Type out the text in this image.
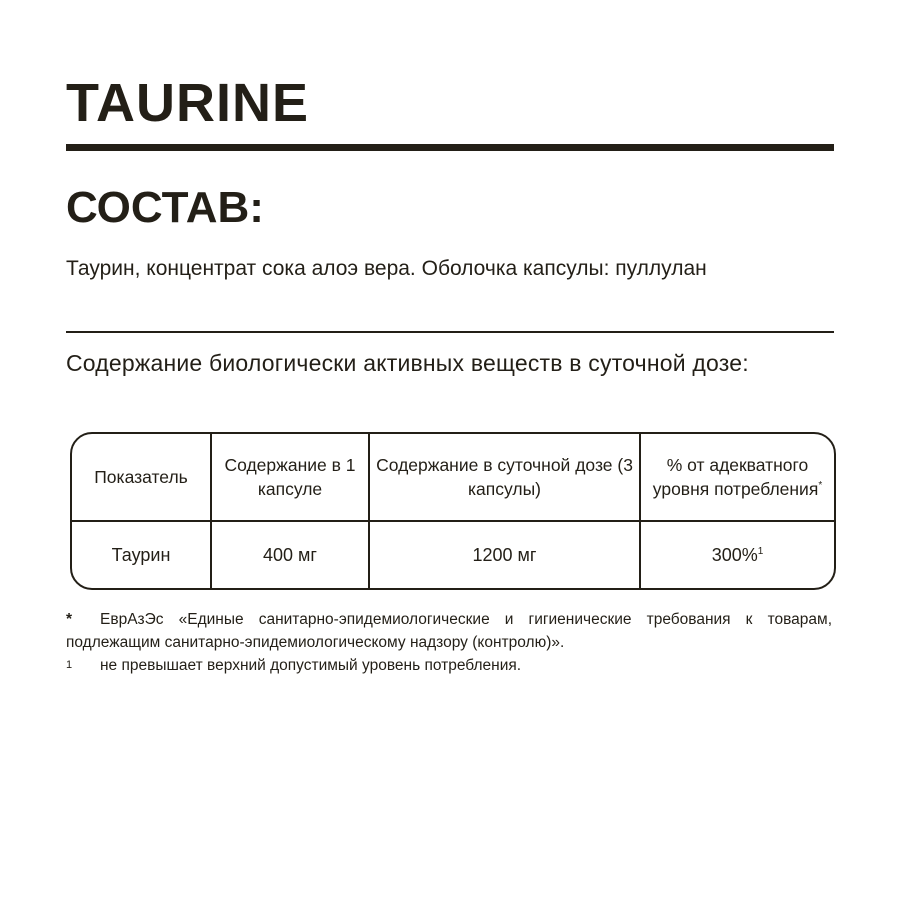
TAURINE
СОСТАВ:
Таурин, концентрат сока алоэ вера. Оболочка капсулы: пуллулан
Содержание биологически активных веществ в суточной дозе:
Показатель	Содержание в 1 капсуле	Содержание в суточной дозе (3 капсулы)	% от адекватного уровня потребления*
Таурин	400 мг	1200 мг	300%$^1$
* ЕврАзЭс «Единые санитарно-эпидемиологические и гигиенические требования к товарам, подлежащим санитарно-эпидемиологическому надзору (контролю)».
1 не превышает верхний допустимый уровень потребления.
